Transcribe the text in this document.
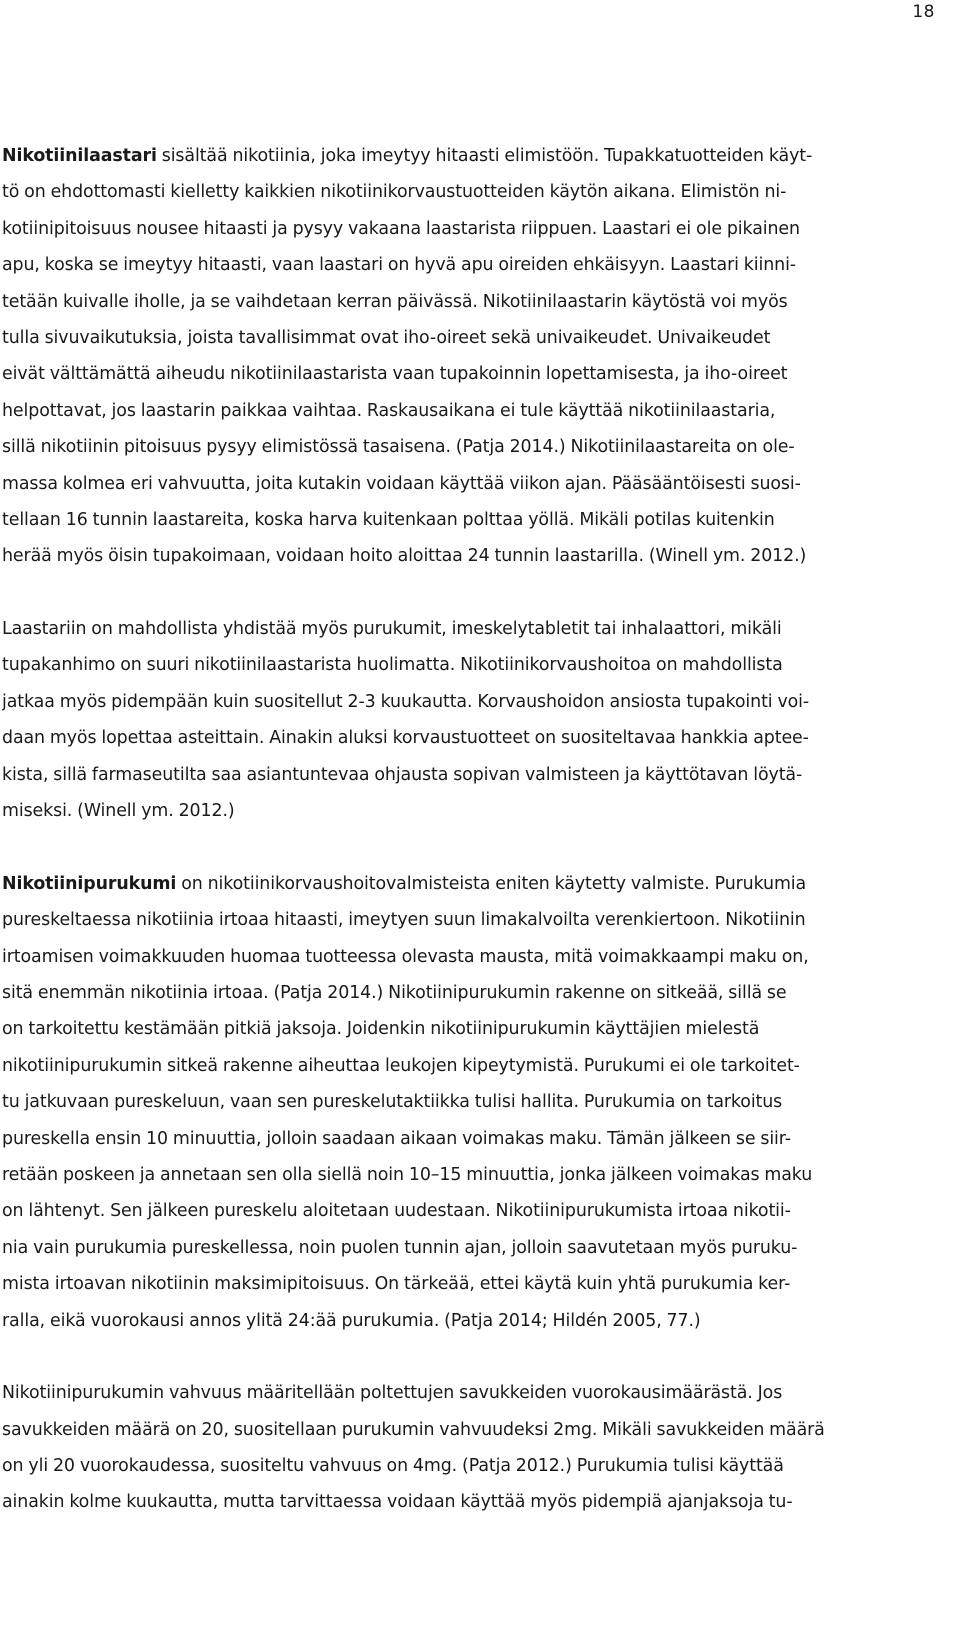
18
Nikotiinilaastari sisältää nikotiinia, joka imeytyy hitaasti elimistöön. Tupakkatuotteiden käyt-
tö on ehdottomasti kielletty kaikkien nikotiinikorvaustuotteiden käytön aikana. Elimistön ni-
kotiinipitoisuus nousee hitaasti ja pysyy vakaana laastarista riippuen. Laastari ei ole pikainen
apu, koska se imeytyy hitaasti, vaan laastari on hyvä apu oireiden ehkäisyyn. Laastari kiinni-
tetään kuivalle iholle, ja se vaihdetaan kerran päivässä. Nikotiinilaastarin käytöstä voi myös
tulla sivuvaikutuksia, joista tavallisimmat ovat iho-oireet sekä univaikeudet. Univaikeudet
eivät välttämättä aiheudu nikotiinilaastarista vaan tupakoinnin lopettamisesta, ja iho-oireet
helpottavat, jos laastarin paikkaa vaihtaa. Raskausaikana ei tule käyttää nikotiinilaastaria,
sillä nikotiinin pitoisuus pysyy elimistössä tasaisena. (Patja 2014.) Nikotiinilaastareita on ole-
massa kolmea eri vahvuutta, joita kutakin voidaan käyttää viikon ajan. Pääsääntöisesti suosi-
tellaan 16 tunnin laastareita, koska harva kuitenkaan polttaa yöllä. Mikäli potilas kuitenkin
herää myös öisin tupakoimaan, voidaan hoito aloittaa 24 tunnin laastarilla. (Winell ym. 2012.)
Laastariin on mahdollista yhdistää myös purukumit, imeskelytabletit tai inhalaattori, mikäli
tupakanhimo on suuri nikotiinilaastarista huolimatta. Nikotiinikorvaushoitoa on mahdollista
jatkaa myös pidempään kuin suositellut 2-3 kuukautta. Korvaushoidon ansiosta tupakointi voi-
daan myös lopettaa asteittain. Ainakin aluksi korvaustuotteet on suositeltavaa hankkia aptee-
kista, sillä farmaseutilta saa asiantuntevaa ohjausta sopivan valmisteen ja käyttötavan löytä-
miseksi. (Winell ym. 2012.)
Nikotiinipurukumi on nikotiinikorvaushoitovalmisteista eniten käytetty valmiste. Purukumia
pureskeltaessa nikotiinia irtoaa hitaasti, imeytyen suun limakalvoilta verenkiertoon. Nikotiinin
irtoamisen voimakkuuden huomaa tuotteessa olevasta mausta, mitä voimakkaampi maku on,
sitä enemmän nikotiinia irtoaa. (Patja 2014.) Nikotiinipurukumin rakenne on sitkeää, sillä se
on tarkoitettu kestämään pitkiä jaksoja. Joidenkin nikotiinipurukumin käyttäjien mielestä
nikotiinipurukumin sitkeä rakenne aiheuttaa leukojen kipeytymistä. Purukumi ei ole tarkoitet-
tu jatkuvaan pureskeluun, vaan sen pureskelutaktiikka tulisi hallita. Purukumia on tarkoitus
pureskella ensin 10 minuuttia, jolloin saadaan aikaan voimakas maku. Tämän jälkeen se siir-
retään poskeen ja annetaan sen olla siellä noin 10–15 minuuttia, jonka jälkeen voimakas maku
on lähtenyt. Sen jälkeen pureskelu aloitetaan uudestaan. Nikotiinipurukumista irtoaa nikotii-
nia vain purukumia pureskellessa, noin puolen tunnin ajan, jolloin saavutetaan myös puruku-
mista irtoavan nikotiinin maksimipitoisuus. On tärkeää, ettei käytä kuin yhtä purukumia ker-
ralla, eikä vuorokausi annos ylitä 24:ää purukumia. (Patja 2014; Hildén 2005, 77.)
Nikotiinipurukumin vahvuus määritellään poltettujen savukkeiden vuorokausimäärästä. Jos
savukkeiden määrä on 20, suositellaan purukumin vahvuudeksi 2mg. Mikäli savukkeiden määrä
on yli 20 vuorokaudessa, suositeltu vahvuus on 4mg. (Patja 2012.) Purukumia tulisi käyttää
ainakin kolme kuukautta, mutta tarvittaessa voidaan käyttää myös pidempiä ajanjaksoja tu-
